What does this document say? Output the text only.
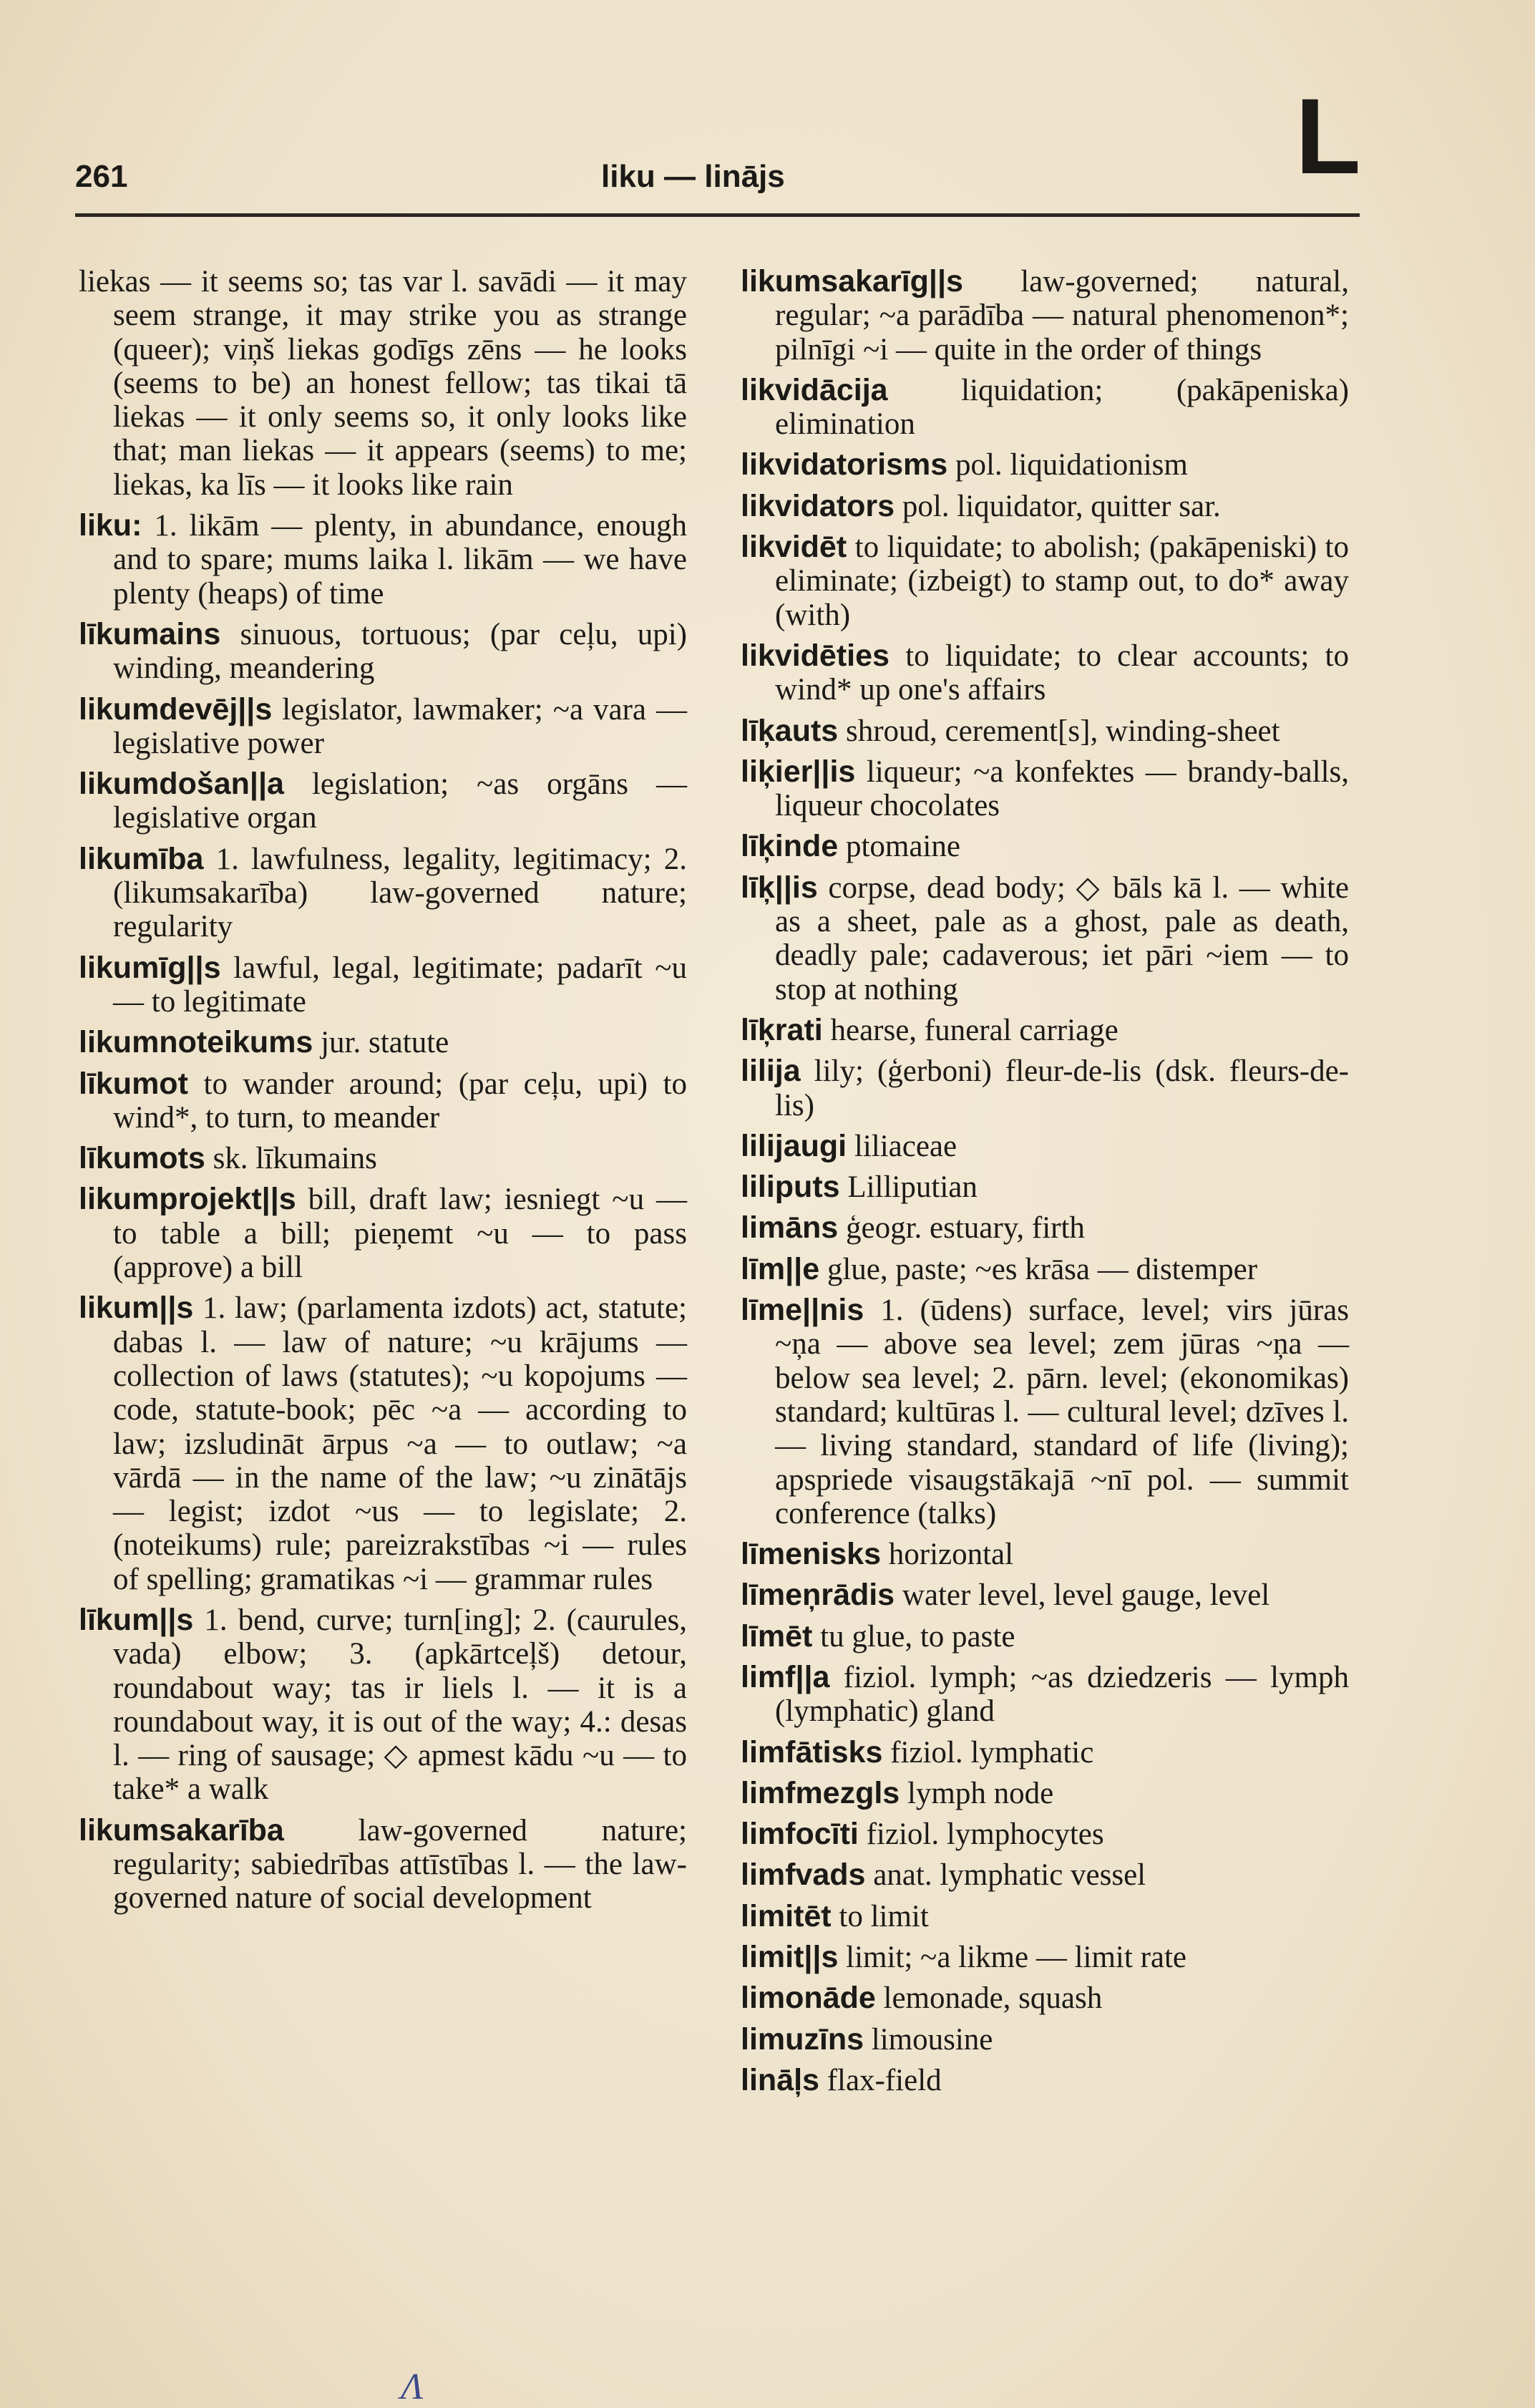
261	liku — linājs	L
liekas — it seems so; tas var l. savādi — it may seem strange, it may strike you as strange (queer); viņš liekas godīgs zēns — he looks (seems to be) an honest fellow; tas tikai tā liekas — it only seems so, it only looks like that; man liekas — it appears (seems) to me; liekas, ka līs — it looks like rain
liku: 1. likām — plenty, in abundance, enough and to spare; mums laika l. likām — we have plenty (heaps) of time
līkumains sinuous, tortuous; (par ceļu, upi) winding, meandering
likumdevēj||s legislator, lawmaker; ~a vara — legislative power
likumdošan||a legislation; ~as orgāns — legislative organ
likumība 1. lawfulness, legality, legitimacy; 2. (likumsakarība) law-governed nature; regularity
likumīg||s lawful, legal, legitimate; padarīt ~u — to legitimate
likumnoteikums jur. statute
līkumot to wander around; (par ceļu, upi) to wind*, to turn, to meander
līkumots sk. līkumains
likumprojekt||s bill, draft law; iesniegt ~u — to table a bill; pieņemt ~u — to pass (approve) a bill
likum||s 1. law; (parlamenta izdots) act, statute; dabas l. — law of nature; ~u krājums — collection of laws (statutes); ~u kopojums — code, statute-book; pēc ~a — according to law; izsludināt ārpus ~a — to outlaw; ~a vārdā — in the name of the law; ~u zinātājs — legist; izdot ~us — to legislate; 2. (noteikums) rule; pareizrakstības ~i — rules of spelling; gramatikas ~i — grammar rules
līkum||s 1. bend, curve; turn[ing]; 2. (caurules, vada) elbow; 3. (apkārtceļš) detour, roundabout way; tas ir liels l. — it is a roundabout way, it is out of the way; 4.: desas l. — ring of sausage; ◇ apmest kādu ~u — to take* a walk
likumsakarība law-governed nature; regularity; sabiedrības attīstības l. — the law-governed nature of social development
likumsakarīg||s law-governed; natural, regular; ~a parādība — natural phenomenon*; pilnīgi ~i — quite in the order of things
likvidācija liquidation; (pakāpeniska) elimination
likvidatorisms pol. liquidationism
likvidators pol. liquidator, quitter sar.
likvidēt to liquidate; to abolish; (pakāpeniski) to eliminate; (izbeigt) to stamp out, to do* away (with)
likvidēties to liquidate; to clear accounts; to wind* up one's affairs
līķauts shroud, cerement[s], winding-sheet
liķier||is liqueur; ~a konfektes — brandy-balls, liqueur chocolates
līķinde ptomaine
līķ||is corpse, dead body; ◇ bāls kā l. — white as a sheet, pale as a ghost, pale as death, deadly pale; cadaverous; iet pāri ~iem — to stop at nothing
līķrati hearse, funeral carriage
lilija lily; (ģerboni) fleur-de-lis (dsk. fleurs-de-lis)
lilijaugi liliaceae
liliputs Lilliputian
limāns ģeogr. estuary, firth
līm||e glue, paste; ~es krāsa — distemper
līme||nis 1. (ūdens) surface, level; virs jūras ~ņa — above sea level; zem jūras ~ņa — below sea level; 2. pārn. level; (ekonomikas) standard; kultūras l. — cultural level; dzīves l. — living standard, standard of life (living); apspriede visaugstākajā ~nī pol. — summit conference (talks)
līmenisks horizontal
līmeņrādis water level, level gauge, level
līmēt tu glue, to paste
limf||a fiziol. lymph; ~as dziedzeris — lymph (lymphatic) gland
limfātisks fiziol. lymphatic
limfmezgls lymph node
limfocīti fiziol. lymphocytes
limfvads anat. lymphatic vessel
limitēt to limit
limit||s limit; ~a likme — limit rate
limonāde lemonade, squash
limuzīns limousine
lināļs flax-field
Λ
